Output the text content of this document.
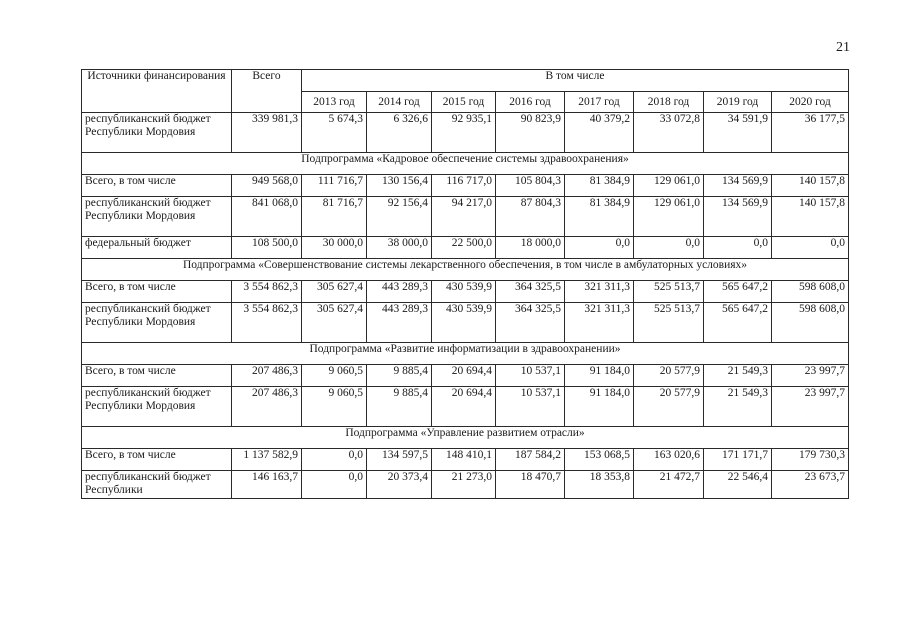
21
Источники финансирования	Всего	В том числе							
		2013 год	2014 год	2015 год	2016 год	2017 год	2018 год	2019 год	2020 год
республиканский бюджет Республики Мордовия	339 981,3	5 674,3	6 326,6	92 935,1	90 823,9	40 379,2	33 072,8	34 591,9	36 177,5
Подпрограмма «Кадровое обеспечение системы здравоохранения»									
Всего, в том числе	949 568,0	111 716,7	130 156,4	116 717,0	105 804,3	81 384,9	129 061,0	134 569,9	140 157,8
республиканский бюджет Республики Мордовия	841 068,0	81 716,7	92 156,4	94 217,0	87 804,3	81 384,9	129 061,0	134 569,9	140 157,8
федеральный бюджет	108 500,0	30 000,0	38 000,0	22 500,0	18 000,0	0,0	0,0	0,0	0,0
Подпрограмма «Совершенствование системы лекарственного обеспечения, в том числе в амбулаторных условиях»									
Всего, в том числе	3 554 862,3	305 627,4	443 289,3	430 539,9	364 325,5	321 311,3	525 513,7	565 647,2	598 608,0
республиканский бюджет Республики Мордовия	3 554 862,3	305 627,4	443 289,3	430 539,9	364 325,5	321 311,3	525 513,7	565 647,2	598 608,0
Подпрограмма «Развитие информатизации в здравоохранении»									
Всего, в том числе	207 486,3	9 060,5	9 885,4	20 694,4	10 537,1	91 184,0	20 577,9	21 549,3	23 997,7
республиканский бюджет Республики Мордовия	207 486,3	9 060,5	9 885,4	20 694,4	10 537,1	91 184,0	20 577,9	21 549,3	23 997,7
Подпрограмма «Управление развитием отрасли»									
Всего, в том числе	1 137 582,9	0,0	134 597,5	148 410,1	187 584,2	153 068,5	163 020,6	171 171,7	179 730,3
республиканский бюджет Республики	146 163,7	0,0	20 373,4	21 273,0	18 470,7	18 353,8	21 472,7	22 546,4	23 673,7
